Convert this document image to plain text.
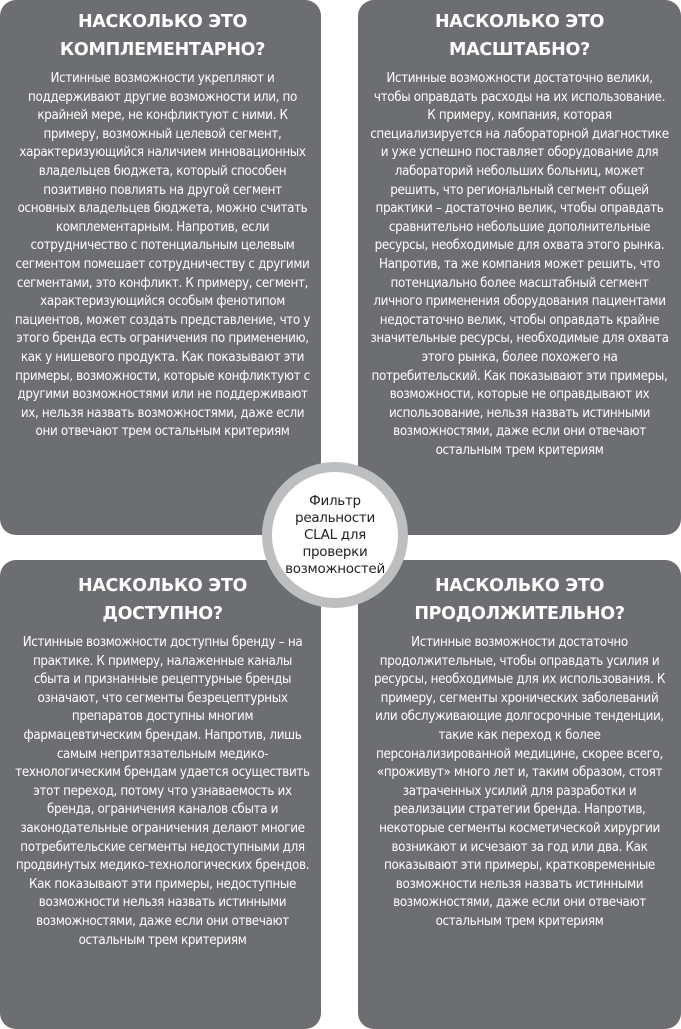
НАСКОЛЬКО ЭТО КОМПЛЕМЕНТАРНО?

Истинные возможности укрепляют и поддерживают другие возможности или, по крайней мере, не конфликтуют с ними. К примеру, возможный целевой сегмент, характеризующийся наличием инновационных владельцев бюджета, который способен позитивно повлиять на другой сегмент основных владельцев бюджета, можно считать комплементарным. Напротив, если сотрудничество с потенциальным целевым сегментом помешает сотрудничеству с другими сегментами, это конфликт. К примеру, сегмент, характеризующийся особым фенотипом пациентов, может создать представление, что у этого бренда есть ограничения по применению, как у нишевого продукта. Как показывают эти примеры, возможности, которые конфликтуют с другими возможностями или не поддерживают их, нельзя назвать возможностями, даже если они отвечают трем остальным критериям

НАСКОЛЬКО ЭТО МАСШТАБНО?

Истинные возможности достаточно велики, чтобы оправдать расходы на их использование. К примеру, компания, которая специализируется на лабораторной диагностике и уже успешно поставляет оборудование для лабораторий небольших больниц, может решить, что региональный сегмент общей практики – достаточно велик, чтобы оправдать сравнительно небольшие дополнительные ресурсы, необходимые для охвата этого рынка. Напротив, та же компания может решить, что потенциально более масштабный сегмент личного применения оборудования пациентами недостаточно велик, чтобы оправдать крайне значительные ресурсы, необходимые для охвата этого рынка, более похожего на потребительский. Как показывают эти примеры, возможности, которые не оправдывают их использование, нельзя назвать истинными возможностями, даже если они отвечают остальным трем критериям

НАСКОЛЬКО ЭТО
ДОСТУПНО?

Истинные возможности доступны бренду – на практике. К примеру, налаженные каналы сбыта и признанные рецептурные бренды означают, что сегменты безрецептурных препаратов доступны многим фармацевтическим брендам. Напротив, лишь самым непритязательным медико-технологическим брендам удается осуществить этот переход, потому что узнаваемость их бренда, ограничения каналов сбыта и законодательные ограничения делают многие потребительские сегменты недоступными для продвинутых медико-технологических брендов. Как показывают эти примеры, недоступные возможности нельзя назвать истинными возможностями, даже если они отвечают остальным трем критериям

НАСКОЛЬКО ЭТО
ПРОДОЛЖИТЕЛЬНО?

Истинные возможности достаточно продолжительные, чтобы оправдать усилия и ресурсы, необходимые для их использования. К примеру, сегменты хронических заболеваний или обслуживающие долгосрочные тенденции, такие как переход к более персонализированной медицине, скорее всего, «проживут» много лет и, таким образом, стоят затраченных усилий для разработки и реализации стратегии бренда. Напротив, некоторые сегменты косметической хирургии возникают и исчезают за год или два. Как показывают эти примеры, кратковременные возможности нельзя назвать истинными возможностями, даже если они отвечают остальным трем критериям

Фильтр
реальности
CLAL для
проверки
возможностей
